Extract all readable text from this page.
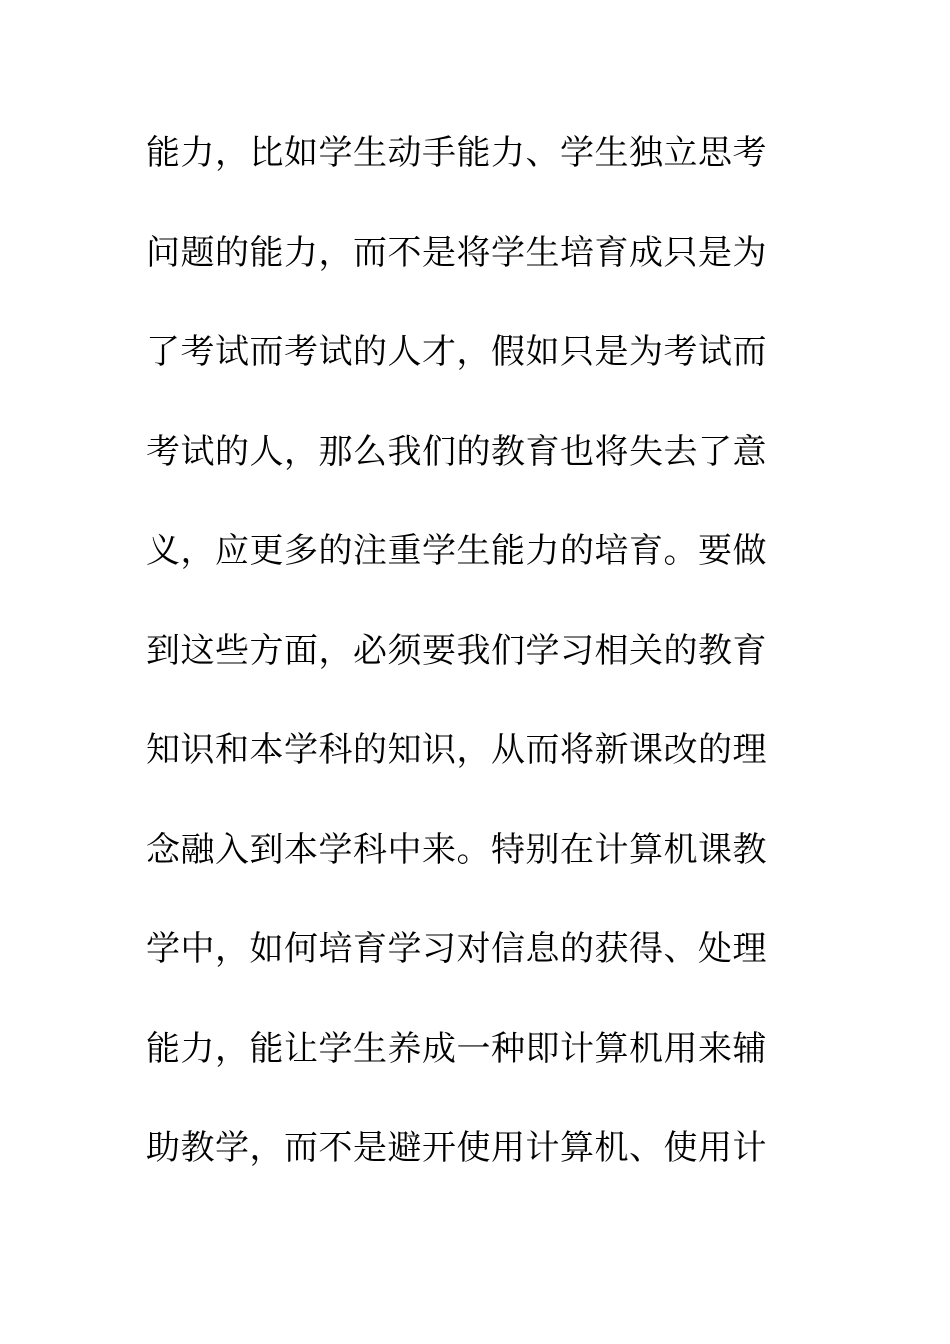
能力，比如学生动手能力、学生独立思考
问题的能力，而不是将学生培育成只是为
了考试而考试的人才，假如只是为考试而
考试的人，那么我们的教育也将失去了意
义，应更多的注重学生能力的培育。要做
到这些方面，必须要我们学习相关的教育
知识和本学科的知识，从而将新课改的理
念融入到本学科中来。特别在计算机课教
学中，如何培育学习对信息的获得、处理
能力，能让学生养成一种即计算机用来辅
助教学，而不是避开使用计算机、使用计
